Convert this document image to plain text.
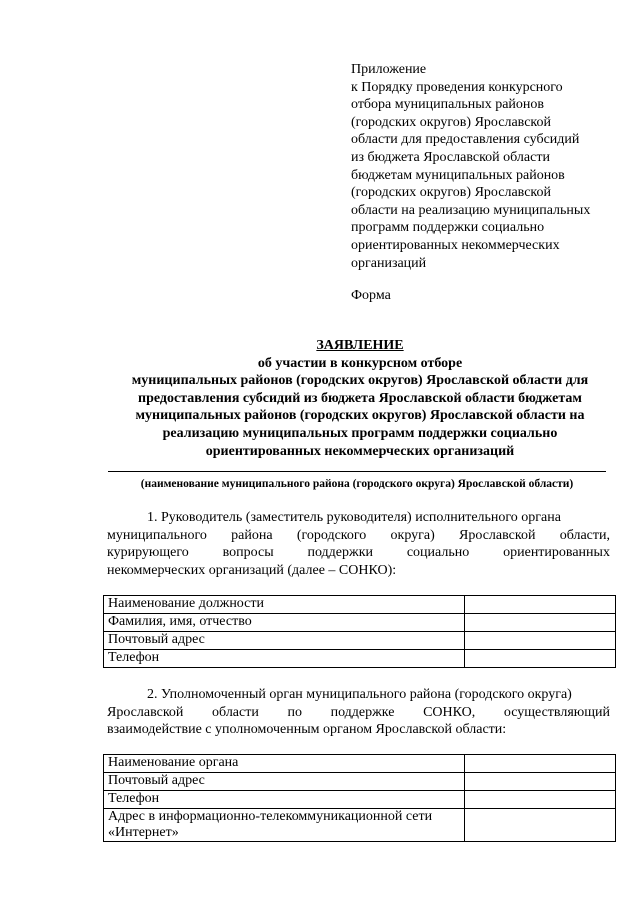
Приложение
к Порядку проведения конкурсного
отбора муниципальных районов
(городских округов) Ярославской
области для предоставления субсидий
из бюджета Ярославской области
бюджетам муниципальных районов
(городских округов) Ярославской
области на реализацию муниципальных
программ поддержки социально
ориентированных некоммерческих
организаций
Форма
ЗАЯВЛЕНИЕ
об участии в конкурсном отборе
муниципальных районов (городских округов) Ярославской области для
предоставления субсидий из бюджета Ярославской области бюджетам
муниципальных районов (городских округов) Ярославской области на
реализацию муниципальных программ поддержки социально
ориентированных некоммерческих организаций
(наименование муниципального района (городского округа) Ярославской области)
1. Руководитель (заместитель руководителя) исполнительного органа
муниципального района (городского округа) Ярославской области,
курирующего вопросы поддержки социально ориентированных
некоммерческих организаций (далее – СОНКО):
Наименование должности	
Фамилия, имя, отчество	
Почтовый адрес	
Телефон	
2. Уполномоченный орган муниципального района (городского округа)
Ярославской области по поддержке СОНКО, осуществляющий
взаимодействие с уполномоченным органом Ярославской области:
Наименование органа	
Почтовый адрес	
Телефон	
Адрес в информационно-телекоммуникационной сети
«Интернет»	
